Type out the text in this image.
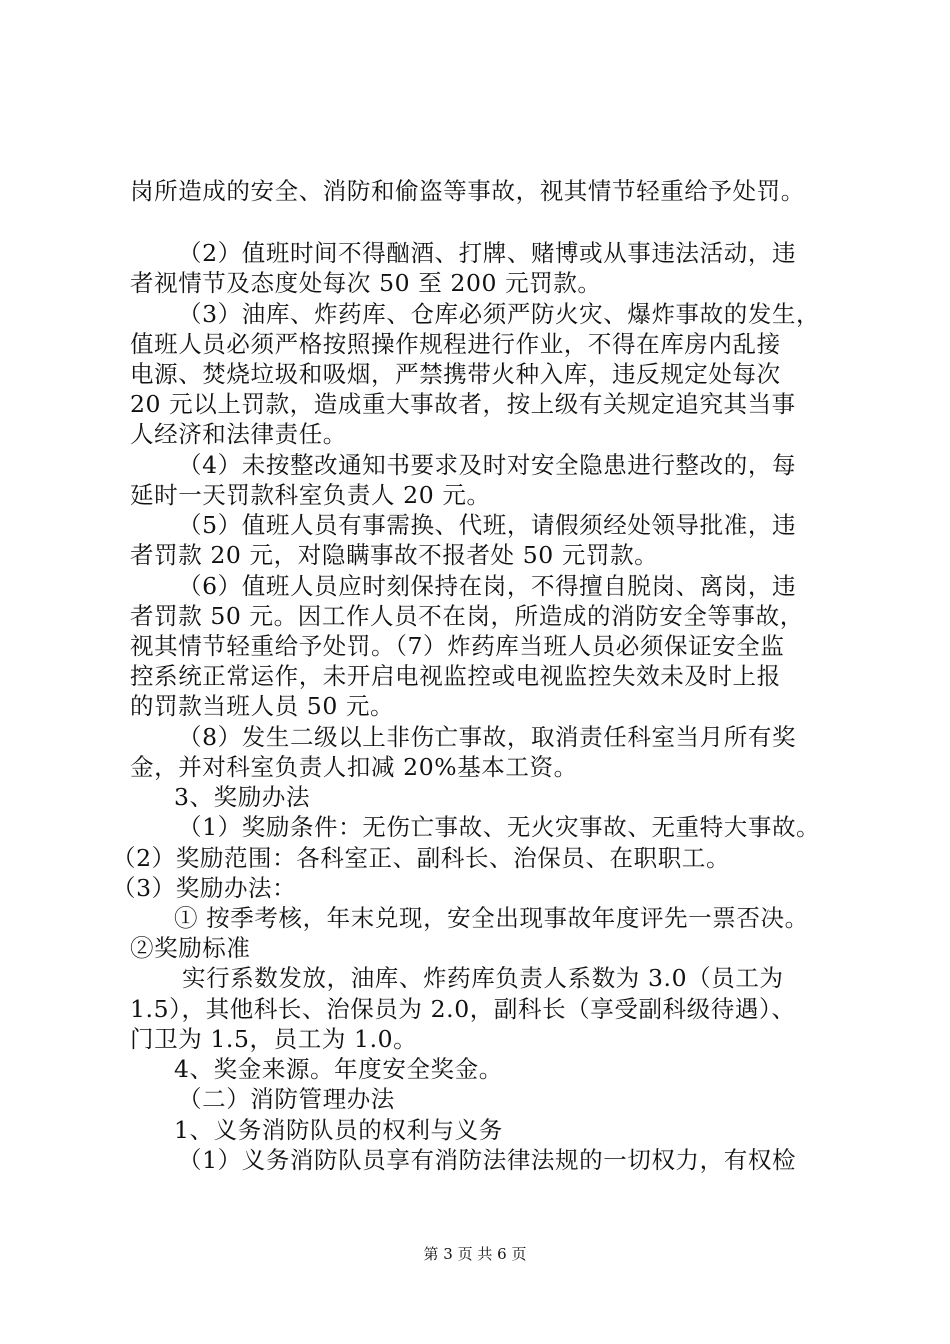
岗所造成的安全、消防和偷盗等事故，视其情节轻重给予处罚。
（2）值班时间不得酗酒、打牌、赌博或从事违法活动，违
者视情节及态度处每次 50 至 200 元罚款。
（3）油库、炸药库、仓库必须严防火灾、爆炸事故的发生，
值班人员必须严格按照操作规程进行作业，不得在库房内乱接
电源、焚烧垃圾和吸烟，严禁携带火种入库，违反规定处每次
20 元以上罚款，造成重大事故者，按上级有关规定追究其当事
人经济和法律责任。
（4）未按整改通知书要求及时对安全隐患进行整改的，每
延时一天罚款科室负责人 20 元。
（5）值班人员有事需换、代班，请假须经处领导批准，违
者罚款 20 元，对隐瞒事故不报者处 50 元罚款。
（6）值班人员应时刻保持在岗，不得擅自脱岗、离岗，违
者罚款 50 元。因工作人员不在岗，所造成的消防安全等事故，
视其情节轻重给予处罚。（7）炸药库当班人员必须保证安全监
控系统正常运作，未开启电视监控或电视监控失效未及时上报
的罚款当班人员 50 元。
（8）发生二级以上非伤亡事故，取消责任科室当月所有奖
金，并对科室负责人扣减 20%基本工资。
3、奖励办法
（1）奖励条件：无伤亡事故、无火灾事故、无重特大事故。
（2）奖励范围：各科室正、副科长、治保员、在职职工。
（3）奖励办法：
① 按季考核，年末兑现，安全出现事故年度评先一票否决。
②奖励标准
实行系数发放，油库、炸药库负责人系数为 3.0（员工为
1.5），其他科长、治保员为 2.0，副科长（享受副科级待遇）、
门卫为 1.5，员工为 1.0。
4、奖金来源。年度安全奖金。
（二）消防管理办法
1、义务消防队员的权利与义务
（1）义务消防队员享有消防法律法规的一切权力，有权检
第 3 页 共 6 页
